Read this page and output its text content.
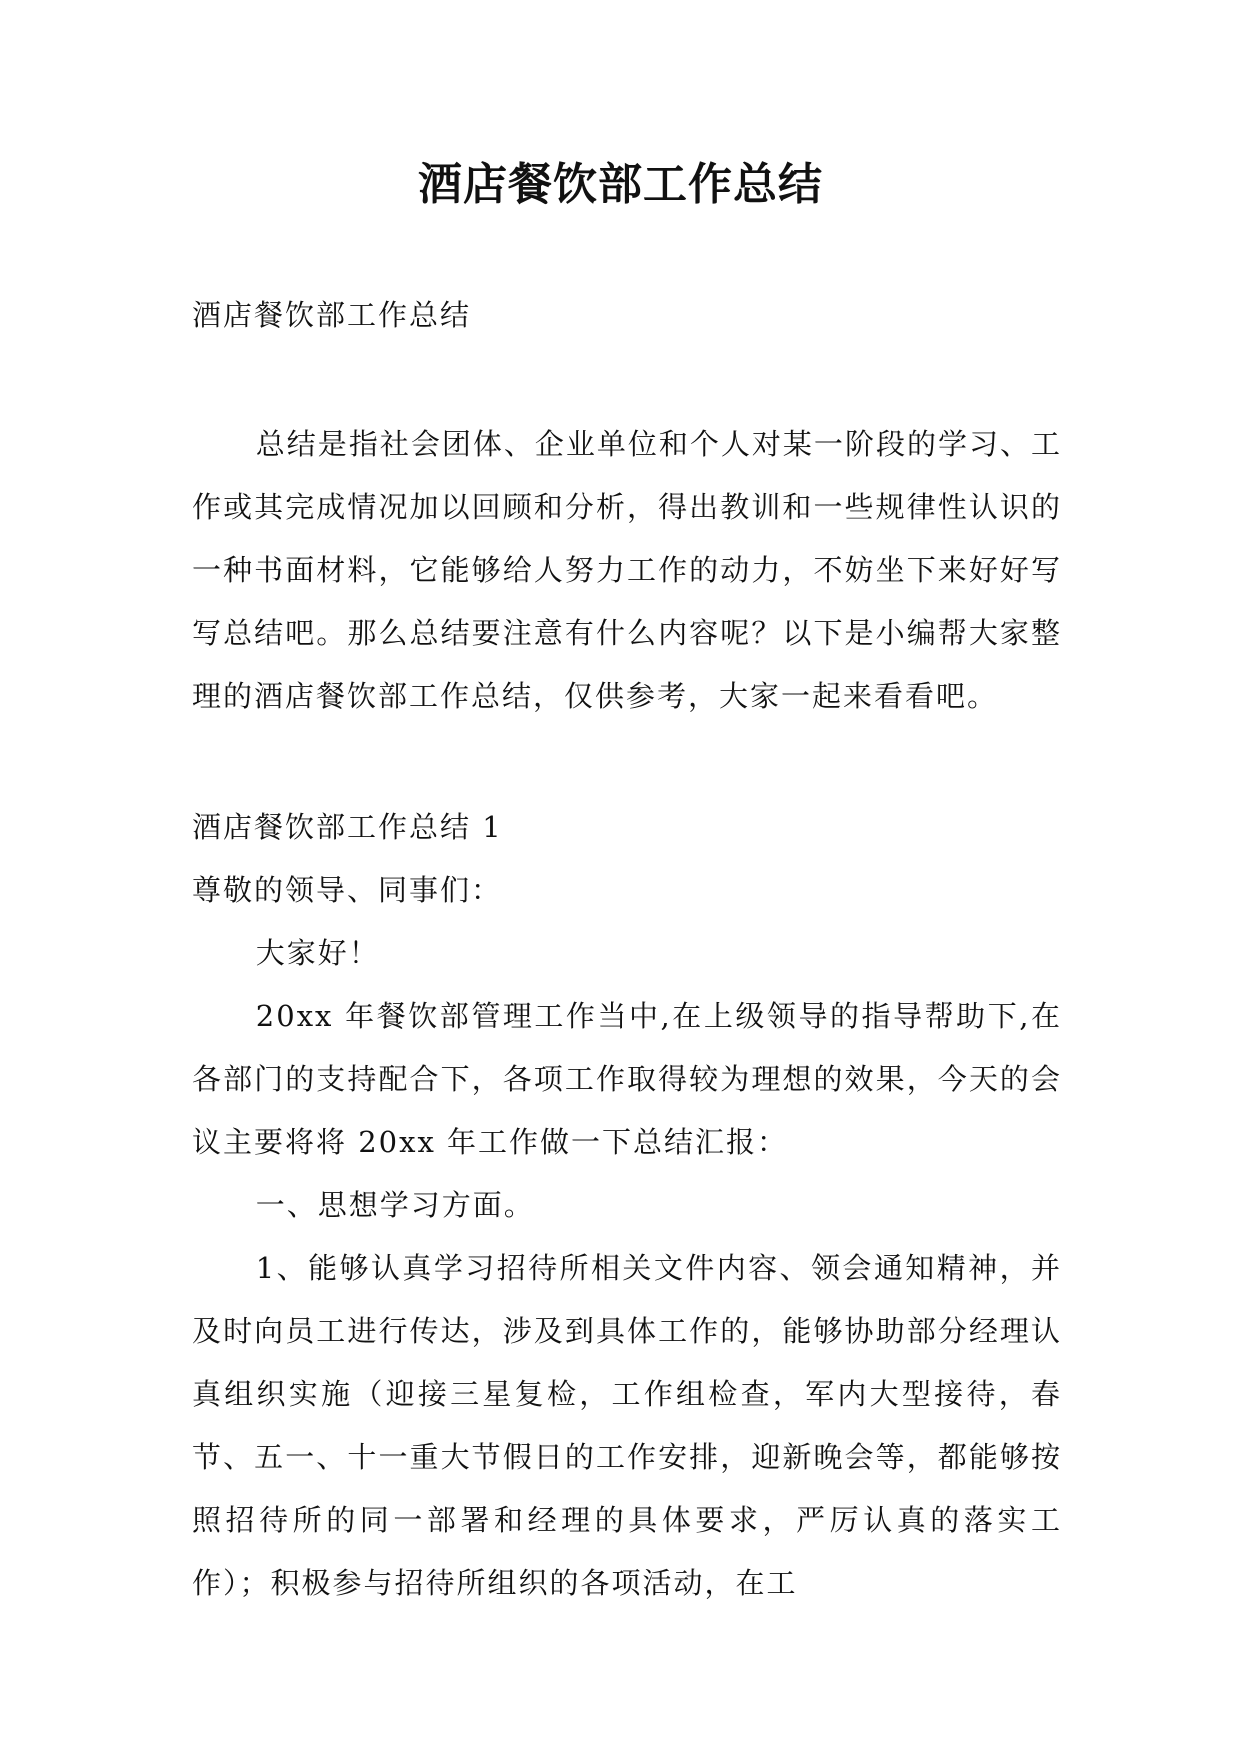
酒店餐饮部工作总结

酒店餐饮部工作总结

总结是指社会团体、企业单位和个人对某一阶段的学习、工作或其完成情况加以回顾和分析，得出教训和一些规律性认识的一种书面材料，它能够给人努力工作的动力，不妨坐下来好好写写总结吧。那么总结要注意有什么内容呢？以下是小编帮大家整理的酒店餐饮部工作总结，仅供参考，大家一起来看看吧。

酒店餐饮部工作总结 1

尊敬的领导、同事们：

大家好！

20xx 年餐饮部管理工作当中,在上级领导的指导帮助下,在各部门的支持配合下，各项工作取得较为理想的效果，今天的会议主要将将 20xx 年工作做一下总结汇报：

一、思想学习方面。

1、能够认真学习招待所相关文件内容、领会通知精神，并及时向员工进行传达，涉及到具体工作的，能够协助部分经理认真组织实施（迎接三星复检，工作组检查，军内大型接待，春节、五一、十一重大节假日的工作安排，迎新晚会等，都能够按照招待所的同一部署和经理的具体要求，严厉认真的落实工作）；积极参与招待所组织的各项活动，在工
